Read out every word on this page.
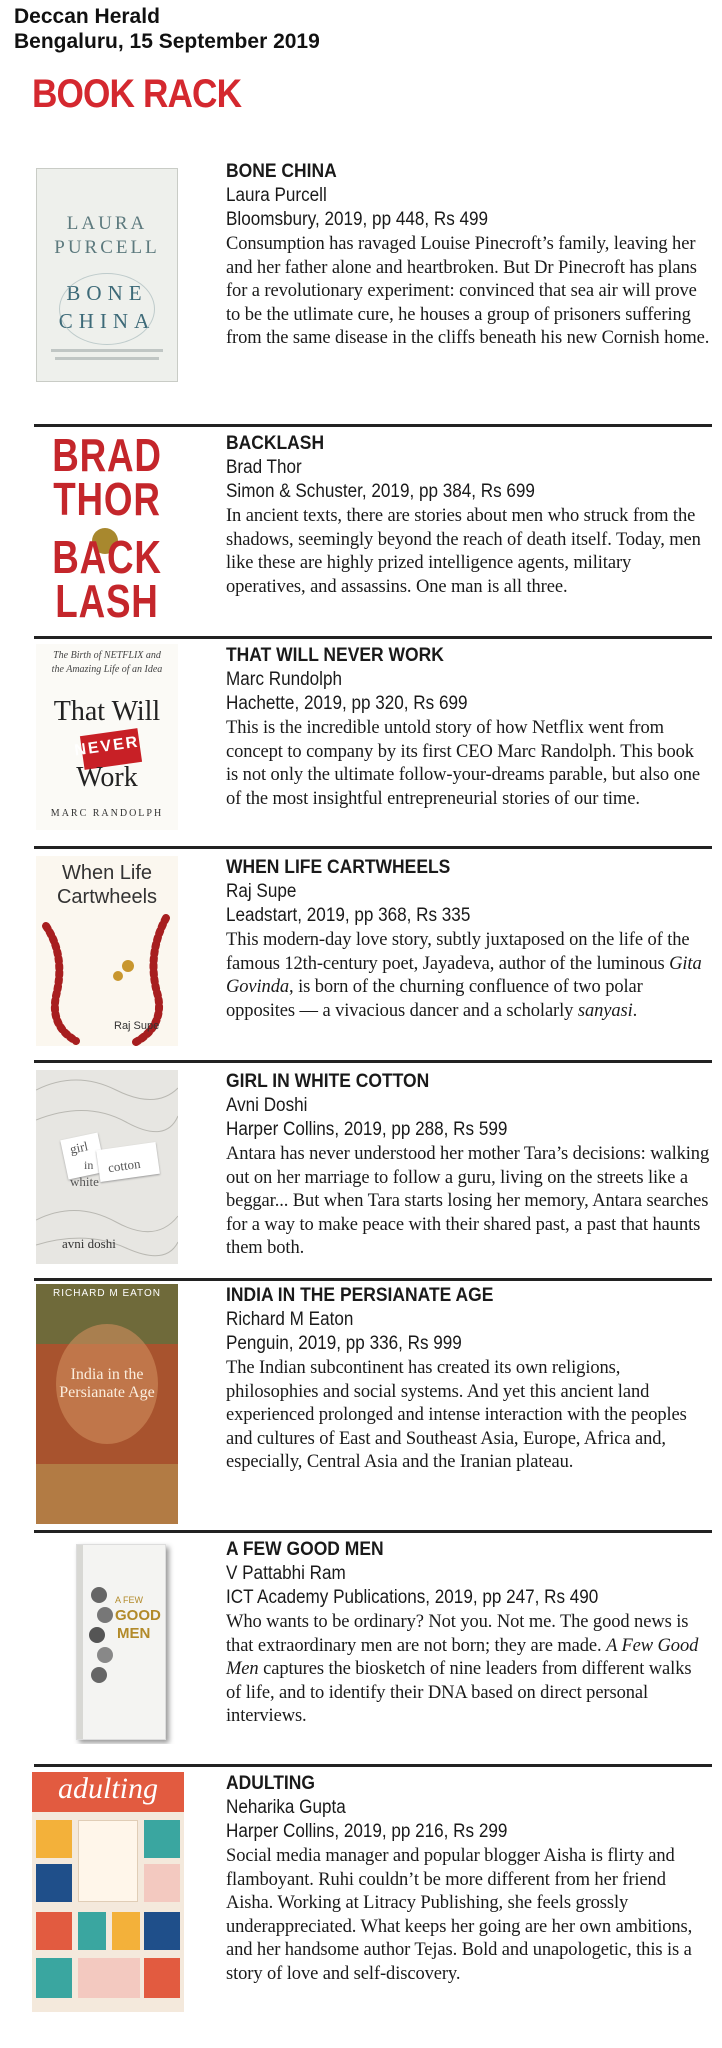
Deccan Herald
Bengaluru, 15 September 2019
BOOK RACK
LAURA
PURCELL
BONE
CHINA
BONE CHINA
Laura Purcell
Bloomsbury, 2019, pp 448, Rs 499
Consumption has ravaged Louise Pinecroft’s family, leaving her and her father alone and heartbroken. But Dr Pinecroft has plans for a revolutionary experiment: convinced that sea air will prove to be the utlimate cure, he houses a group of prisoners suffering from the same disease in the cliffs beneath his new Cornish home.
BRAD
THOR
BACK
LASH
BACKLASH
Brad Thor
Simon & Schuster, 2019, pp 384, Rs 699
In ancient texts, there are stories about men who struck from the shadows, seemingly beyond the reach of death itself. Today, men like these are highly prized intelligence agents, military operatives, and assassins. One man is all three.
The Birth of NETFLIX and
the Amazing Life of an Idea
That Will
NEVER
Work
MARC RANDOLPH
THAT WILL NEVER WORK
Marc Rundolph
Hachette, 2019, pp 320, Rs 699
This is the incredible untold story of how Netflix went from concept to company by its first CEO Marc Randolph. This book is not only the ultimate follow-your-dreams parable, but also one of the most insightful entrepreneurial stories of our time.
When Life
Cartwheels
Raj Supe
WHEN LIFE CARTWHEELS
Raj Supe
Leadstart, 2019, pp 368, Rs 335
This modern-day love story, subtly juxtaposed on the life of the famous 12th-century poet, Jayadeva, author of the luminous Gita Govinda, is born of the churning confluence of two polar opposites — a vivacious dancer and a scholarly sanyasi.
girl
in
white
cotton
avni doshi
GIRL IN WHITE COTTON
Avni Doshi
Harper Collins, 2019, pp 288, Rs 599
Antara has never understood her mother Tara’s decisions: walking out on her marriage to follow a guru, living on the streets like a beggar... But when Tara starts losing her memory, Antara searches for a way to make peace with their shared past, a past that haunts them both.
RICHARD M EATON
India in the
Persianate Age
INDIA IN THE PERSIANATE AGE
Richard M Eaton
Penguin, 2019, pp 336, Rs 999
The Indian subcontinent has created its own religions, philosophies and social systems. And yet this ancient land experienced prolonged and intense interaction with the peoples and cultures of East and Southeast Asia, Europe, Africa and, especially, Central Asia and the Iranian plateau.
A FEW
GOOD
MEN
A FEW GOOD MEN
V Pattabhi Ram
ICT Academy Publications, 2019, pp 247, Rs 490
Who wants to be ordinary? Not you. Not me. The good news is that extraordinary men are not born; they are made. A Few Good Men captures the biosketch of nine leaders from different walks of life, and to identify their DNA based on direct personal interviews.
adulting	ADULTING
Neharika Gupta
Harper Collins, 2019, pp 216, Rs 299
Social media manager and popular blogger Aisha is flirty and flamboyant. Ruhi couldn’t be more different from her friend Aisha. Working at Litracy Publishing, she feels grossly underappreciated. What keeps her going are her own ambitions, and her handsome author Tejas. Bold and unapologetic, this is a story of love and self-discovery.
